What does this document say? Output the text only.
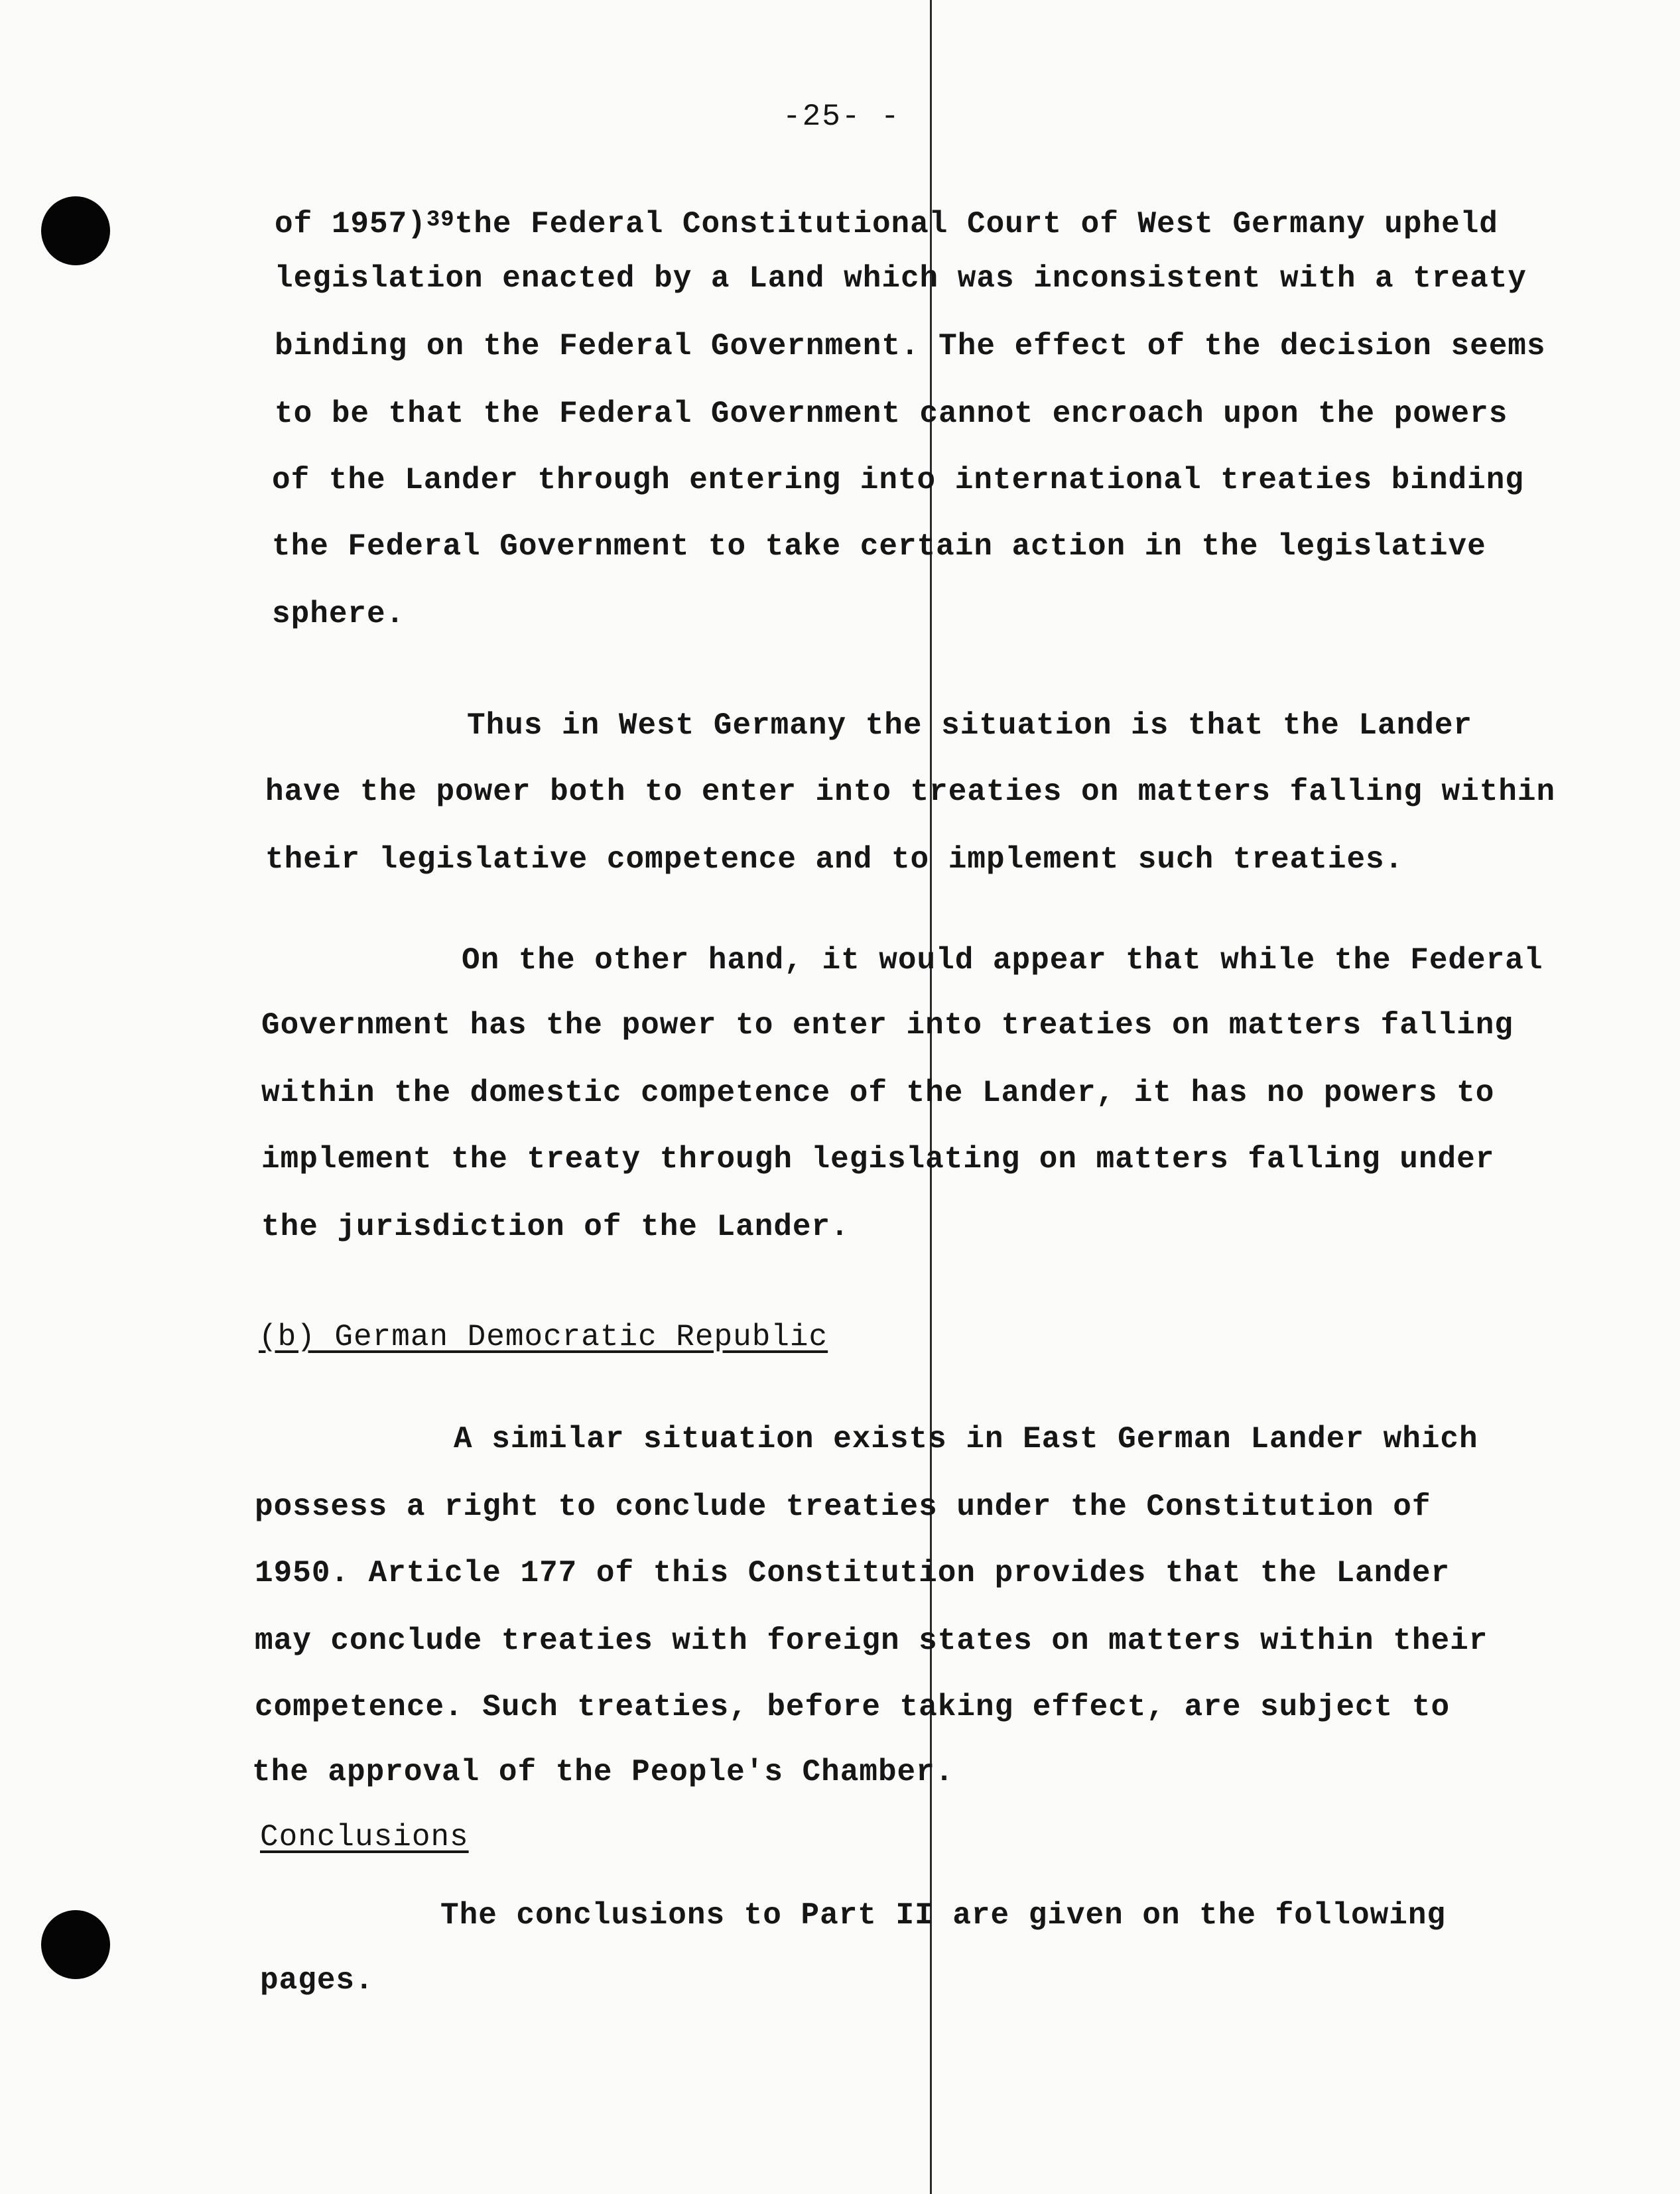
-25- -
of 1957)$^{39}$the Federal Constitutional Court of West Germany upheld
legislation enacted by a Land which was inconsistent with a treaty
binding on the Federal Government. The effect of the decision seems
to be that the Federal Government cannot encroach upon the powers
of the Lander through entering into international treaties binding
the Federal Government to take certain action in the legislative
sphere.
Thus in West Germany the situation is that the Lander
have the power both to enter into treaties on matters falling within
their legislative competence and to implement such treaties.
On the other hand, it would appear that while the Federal
Government has the power to enter into treaties on matters falling
within the domestic competence of the Lander, it has no powers to
implement the treaty through legislating on matters falling under
the jurisdiction of the Lander.
(b) German Democratic Republic
A similar situation exists in East German Lander which
possess a right to conclude treaties under the Constitution of
1950. Article 177 of this Constitution provides that the Lander
may conclude treaties with foreign states on matters within their
competence. Such treaties, before taking effect, are subject to
the approval of the People's Chamber.
Conclusions
The conclusions to Part II are given on the following
pages.
